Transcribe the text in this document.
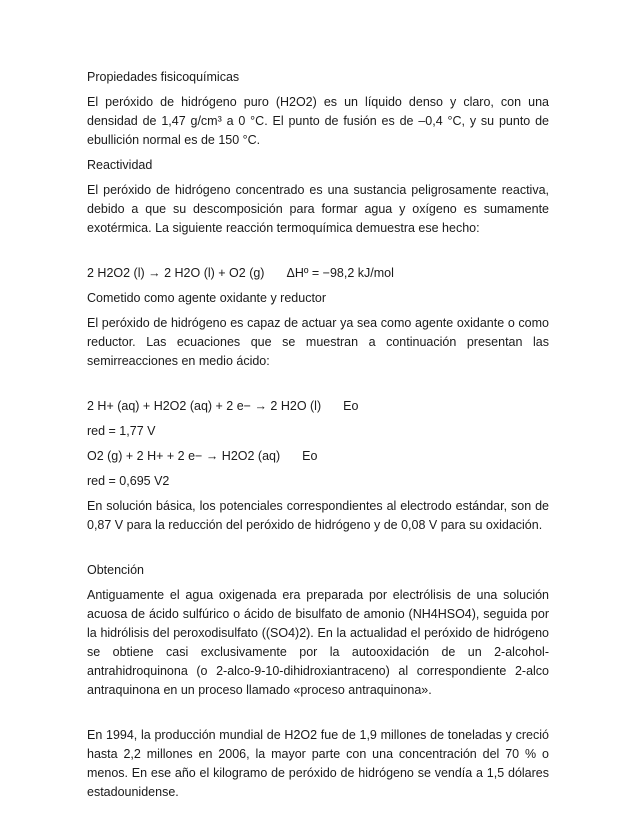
Propiedades fisicoquímicas

El peróxido de hidrógeno puro (H2O2) es un líquido denso y claro, con una densidad de 1,47 g/cm³ a 0 °C. El punto de fusión es de –0,4 °C, y su punto de ebullición normal es de 150 °C.

Reactividad

El peróxido de hidrógeno concentrado es una sustancia peligrosamente reactiva, debido a que su descomposición para formar agua y oxígeno es sumamente exotérmica. La siguiente reacción termoquímica demuestra ese hecho:

2 H2O2 (l) → 2 H2O (l) + O2 (g) ΔHº = −98,2 kJ/mol

Cometido como agente oxidante y reductor

El peróxido de hidrógeno es capaz de actuar ya sea como agente oxidante o como reductor. Las ecuaciones que se muestran a continuación presentan las semirreacciones en medio ácido:

2 H+ (aq) + H2O2 (aq) + 2 e− → 2 H2O (l) Eo

red = 1,77 V

O2 (g) + 2 H+ + 2 e− → H2O2 (aq) Eo

red = 0,695 V2

En solución básica, los potenciales correspondientes al electrodo estándar, son de 0,87 V para la reducción del peróxido de hidrógeno y de 0,08 V para su oxidación.

Obtención

Antiguamente el agua oxigenada era preparada por electrólisis de una solución acuosa de ácido sulfúrico o ácido de bisulfato de amonio (NH4HSO4), seguida por la hidrólisis del peroxodisulfato ((SO4)2). En la actualidad el peróxido de hidrógeno se obtiene casi exclusivamente por la autooxidación de un 2-alcohol-antrahidroquinona (o 2-alco-9-10-dihidroxiantraceno) al correspondiente 2-alco antraquinona en un proceso llamado «proceso antraquinona».

En 1994, la producción mundial de H2O2 fue de 1,9 millones de toneladas y creció hasta 2,2 millones en 2006, la mayor parte con una concentración del 70 % o menos. En ese año el kilogramo de peróxido de hidrógeno se vendía a 1,5 dólares estadounidense.
